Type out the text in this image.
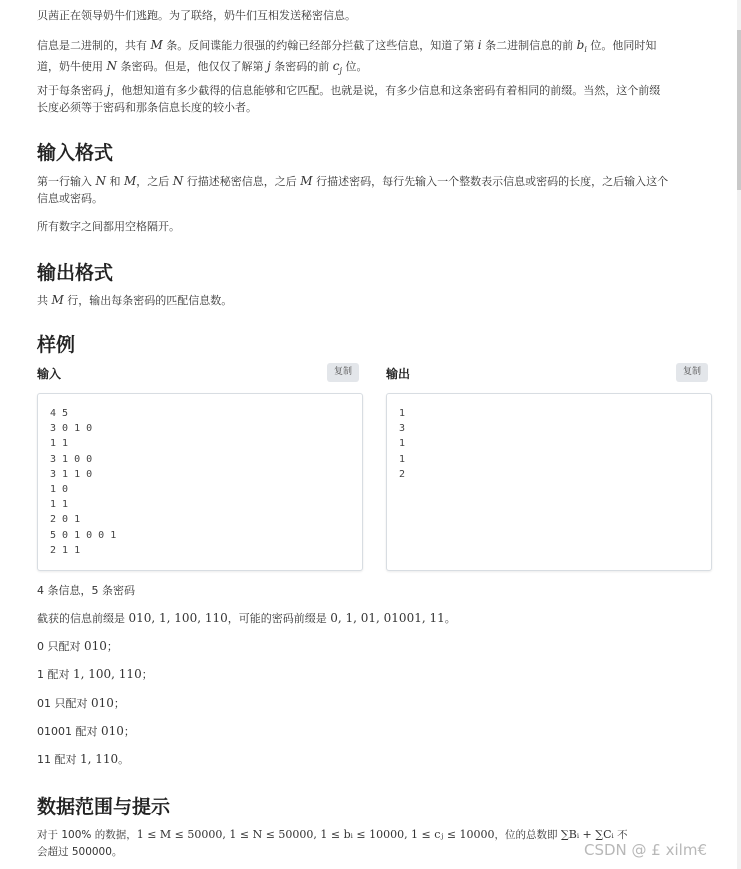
贝茜正在领导奶牛们逃跑。为了联络，奶牛们互相发送秘密信息。

信息是二进制的，共有 M 条。反间谍能力很强的约翰已经部分拦截了这些信息，知道了第 i 条二进制信息的前 $b_i$ 位。他同时知
道，奶牛使用 N 条密码。但是，他仅仅了解第 j 条密码的前 $c_j$ 位。

对于每条密码 j，他想知道有多少截得的信息能够和它匹配。也就是说，有多少信息和这条密码有着相同的前缀。当然，这个前缀
长度必须等于密码和那条信息长度的较小者。

输入格式

第一行输入 N 和 M，之后 N 行描述秘密信息，之后 M 行描述密码，每行先输入一个整数表示信息或密码的长度，之后输入这个
信息或密码。

所有数字之间都用空格隔开。

输出格式

共 M 行，输出每条密码的匹配信息数。

样例
输入	复制
4 5
3 0 1 0
1 1
3 1 0 0
3 1 1 0
1 0
1 1
2 0 1
5 0 1 0 0 1
2 1 1
输出	复制
1
3
1
1
2

4 条信息，5 条密码

截获的信息前缀是 010, 1, 100, 110，可能的密码前缀是 0, 1, 01, 01001, 11。

0 只配对 010；

1 配对 1, 100, 110；

01 只配对 010；

01001 配对 010；

11 配对 1, 110。

数据范围与提示

对于 100% 的数据，1 ≤ M ≤ 50000, 1 ≤ N ≤ 50000, 1 ≤ bᵢ ≤ 10000, 1 ≤ cⱼ ≤ 10000，位的总数即 ∑Bᵢ + ∑Cᵢ 不
会超过 500000。	CSDN @ £ xilm€
